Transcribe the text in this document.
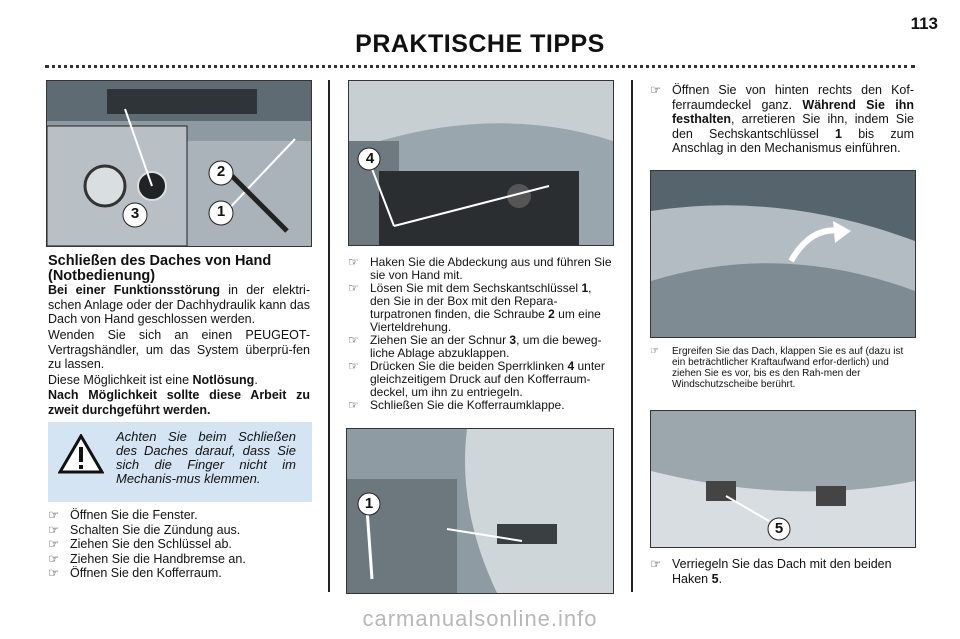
113
PRAKTISCHE TIPPS
2
3	1
Schließen des Daches von Hand (Notbedienung)
Bei einer Funktionsstörung in der elektri-schen Anlage oder der Dachhydraulik kann das Dach von Hand geschlossen werden.
Wenden Sie sich an einen PEUGEOT-Vertragshändler, um das System überprü-fen zu lassen.
Diese Möglichkeit ist eine Notlösung.
Nach Möglichkeit sollte diese Arbeit zu zweit durchgeführt werden.
Achten Sie beim Schließen des Daches darauf, dass Sie sich die Finger nicht im Mechanis-mus klemmen.
☞ Öffnen Sie die Fenster.
☞ Schalten Sie die Zündung aus.
☞ Ziehen Sie den Schlüssel ab.
☞ Ziehen Sie die Handbremse an.
☞ Öffnen Sie den Kofferraum.
4
☞ Haken Sie die Abdeckung aus und führen Sie sie von Hand mit.
☞ Lösen Sie mit dem Sechskantschlüssel 1, den Sie in der Box mit den Repara-turpatronen finden, die Schraube 2 um eine Vierteldrehung.
☞ Ziehen Sie an der Schnur 3, um die beweg-liche Ablage abzuklappen.
☞ Drücken Sie die beiden Sperrklinken 4 unter gleichzeitigem Druck auf den Kofferraum-deckel, um ihn zu entriegeln.
☞ Schließen Sie die Kofferraumklappe.
1
☞ Öffnen Sie von hinten rechts den Kof-ferraumdeckel ganz. Während Sie ihn festhalten, arretieren Sie ihn, indem Sie den Sechskantschlüssel 1 bis zum Anschlag in den Mechanismus einführen.
☞ Ergreifen Sie das Dach, klappen Sie es auf (dazu ist ein beträchtlicher Kraftaufwand erfor-derlich) und ziehen Sie es vor, bis es den Rah-men der Windschutzscheibe berührt.
5
☞ Verriegeln Sie das Dach mit den beiden Haken 5.
carmanualsonline.info
